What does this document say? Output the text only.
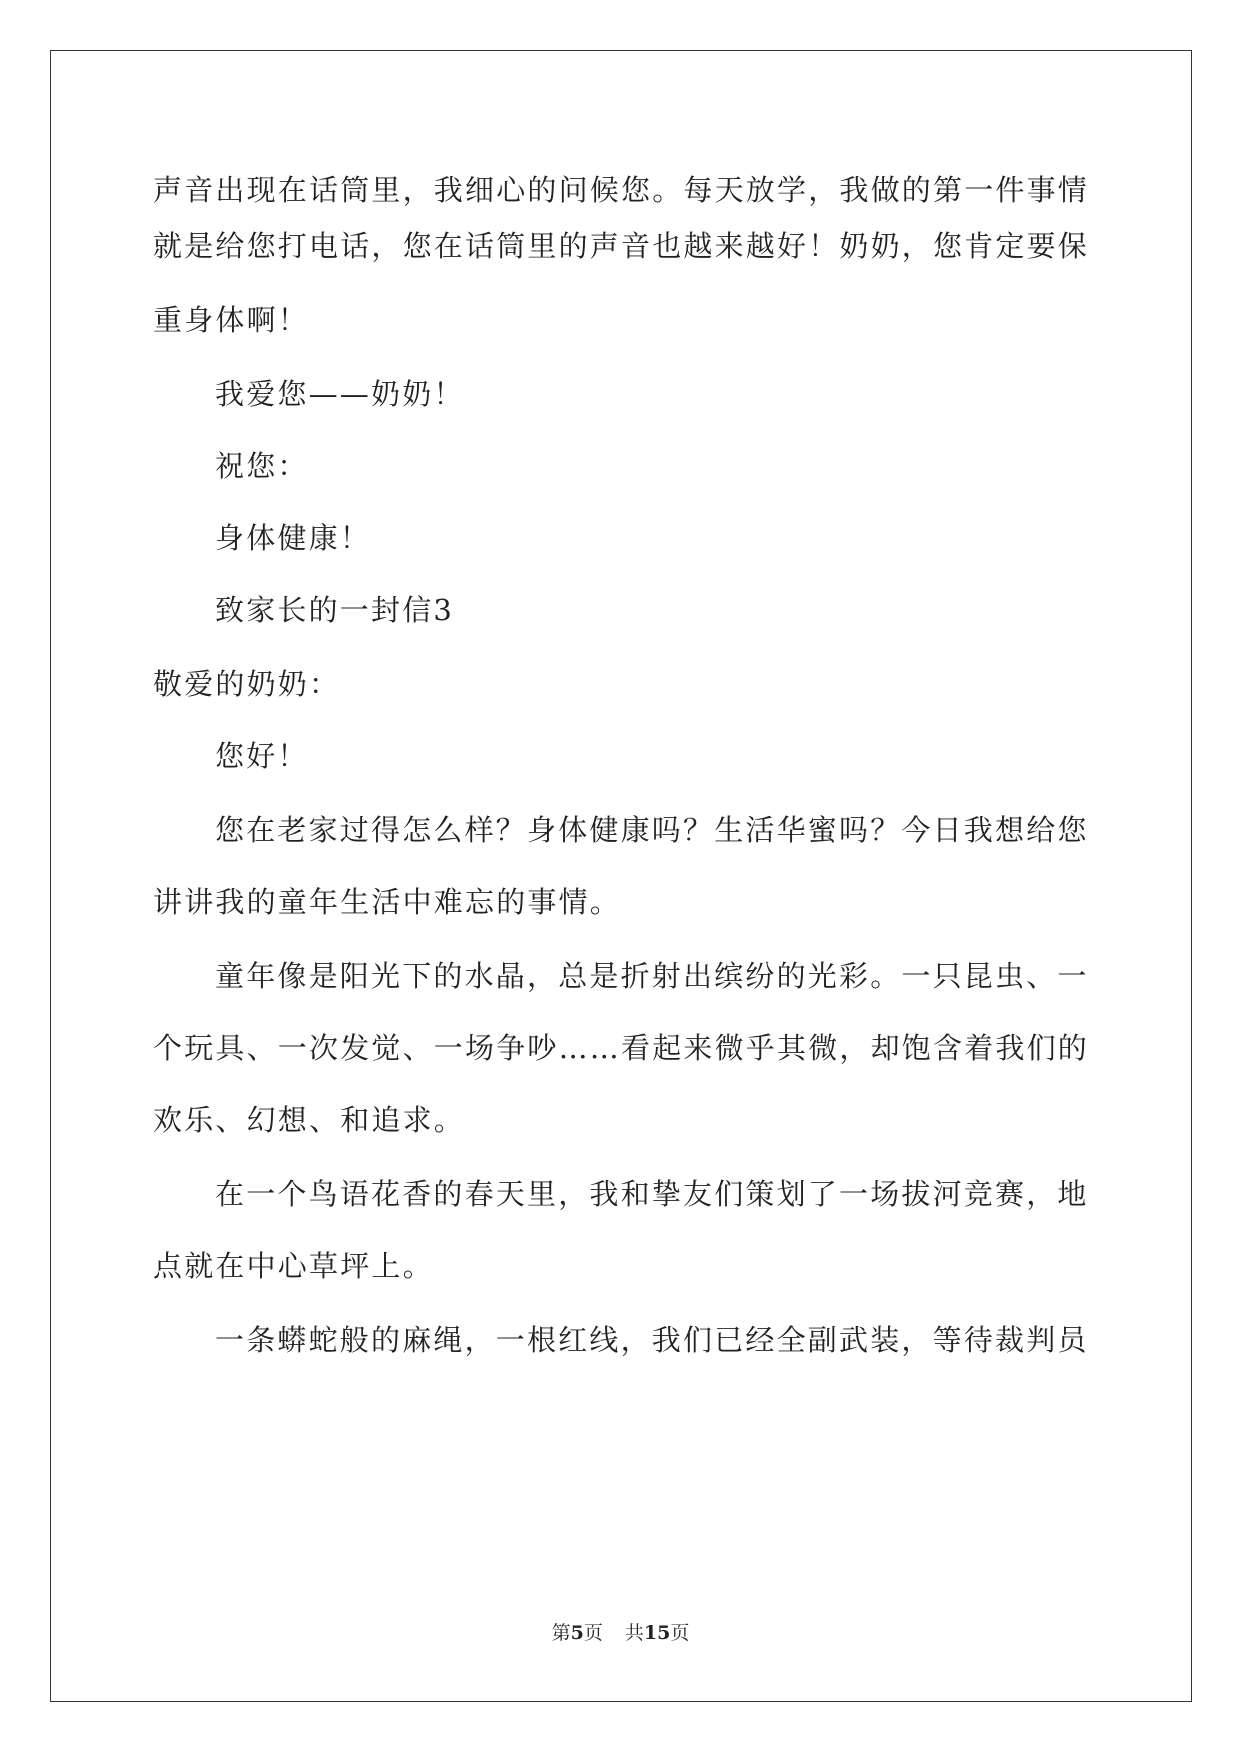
声音出现在话筒里，我细心的问候您。每天放学，我做的第一件事情
就是给您打电话，您在话筒里的声音也越来越好！奶奶，您肯定要保
重身体啊！
我爱您——奶奶！
祝您：
身体健康！
致家长的一封信3
敬爱的奶奶：
您好！
您在老家过得怎么样？身体健康吗？生活华蜜吗？今日我想给您
讲讲我的童年生活中难忘的事情。
童年像是阳光下的水晶，总是折射出缤纷的光彩。一只昆虫、一
个玩具、一次发觉、一场争吵……看起来微乎其微，却饱含着我们的
欢乐、幻想、和追求。
在一个鸟语花香的春天里，我和挚友们策划了一场拔河竞赛，地
点就在中心草坪上。
一条蟒蛇般的麻绳，一根红线，我们已经全副武装，等待裁判员
第5页 共15页
